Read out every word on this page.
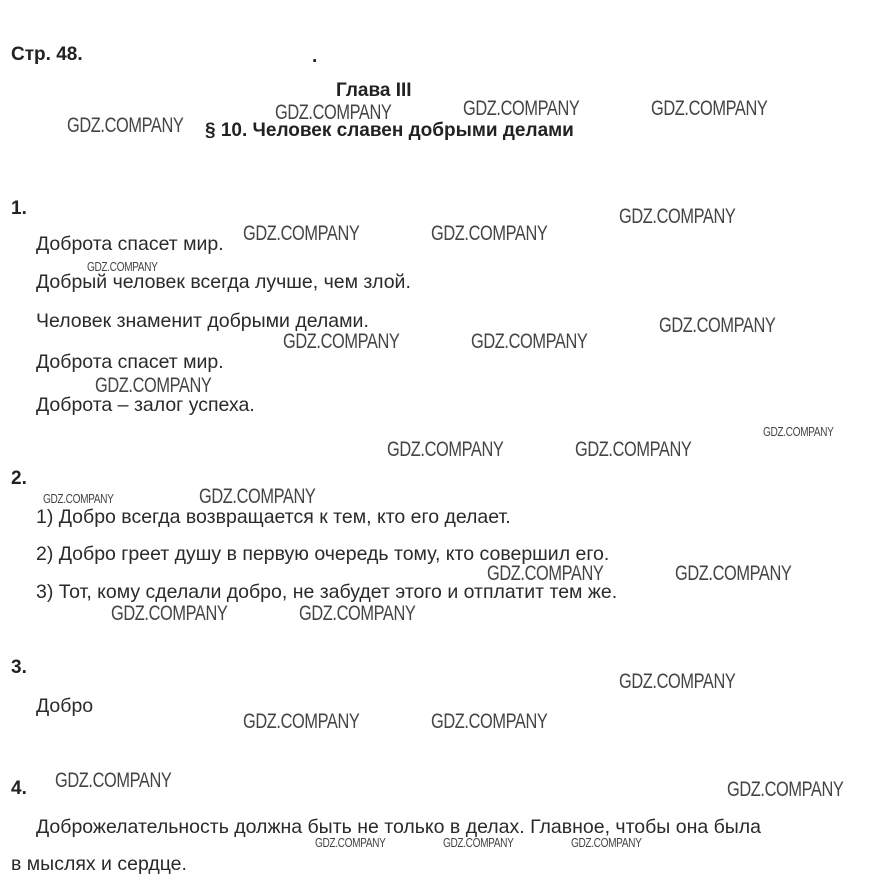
Стр. 48.	.
Глава III
§ 10. Человек славен добрыми делами
1.
Доброта спасет мир.
Добрый человек всегда лучше, чем злой.
Человек знаменит добрыми делами.
Доброта спасет мир.
Доброта – залог успеха.
2.
1) Добро всегда возвращается к тем, кто его делает.
2) Добро греет душу в первую очередь тому, кто совершил его.
3) Тот, кому сделали добро, не забудет этого и отплатит тем же.
3.
Добро
4.
Доброжелательность должна быть не только в делах. Главное, чтобы она была
в мыслях и сердце.
GDZ.COMPANY
GDZ.COMPANY	GDZ.COMPANY	GDZ.COMPANY
GDZ.COMPANY	GDZ.COMPANY
GDZ.COMPANY
GDZ.COMPANY
GDZ.COMPANY	GDZ.COMPANY
GDZ.COMPANY
GDZ.COMPANY
GDZ.COMPANY
GDZ.COMPANY	GDZ.COMPANY
GDZ.COMPANY	GDZ.COMPANY
GDZ.COMPANY	GDZ.COMPANY
GDZ.COMPANY	GDZ.COMPANY
GDZ.COMPANY
GDZ.COMPANY	GDZ.COMPANY
GDZ.COMPANY	GDZ.COMPANY
GDZ.COMPANY	GDZ.COMPANY	GDZ.COMPANY
